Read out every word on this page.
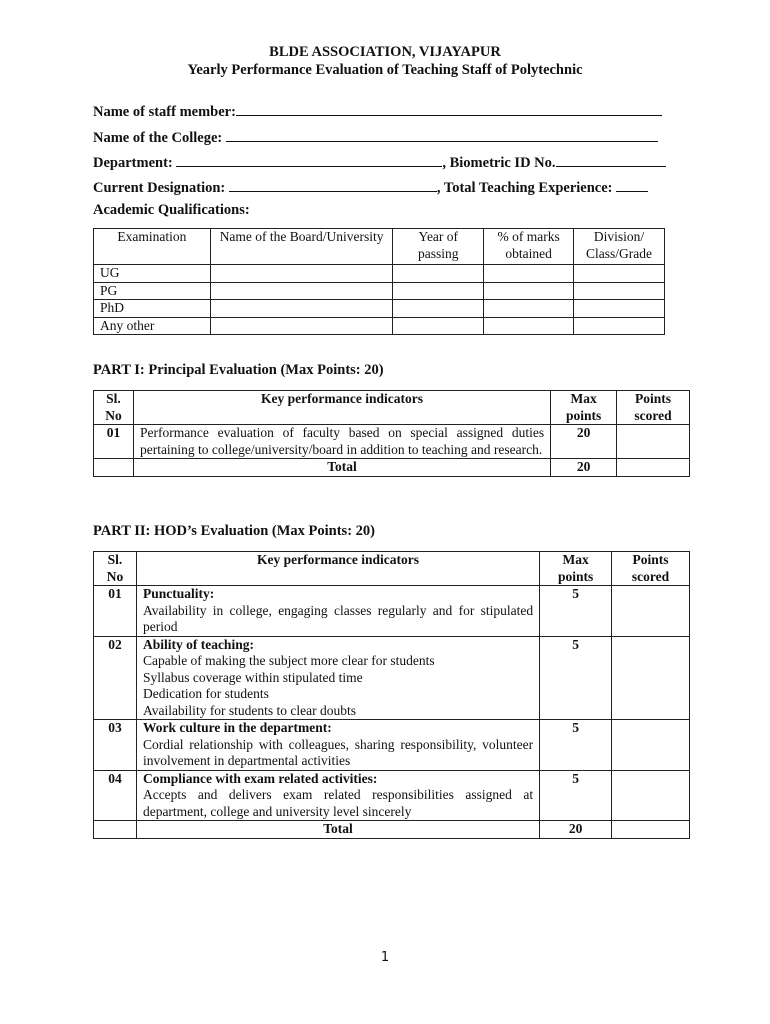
BLDE ASSOCIATION, VIJAYAPUR
Yearly Performance Evaluation of Teaching Staff of Polytechnic
Name of staff member:
Name of the College:
Department:	, Biometric ID No.
Current Designation:	, Total Teaching Experience:
Academic Qualifications:
Examination	Name of the Board/University	Year of passing	% of marks obtained	Division/ Class/Grade
UG				
PG				
PhD				
Any other				
PART I: Principal Evaluation (Max Points: 20)
Sl. No	Key performance indicators	Max points	Points scored
01	Performance evaluation of faculty based on special assigned duties pertaining to college/university/board in addition to teaching and research.	20	
	Total	20	
PART II: HOD’s Evaluation (Max Points: 20)
Sl. No	Key performance indicators	Max points	Points scored
01	Punctuality:
Availability in college, engaging classes regularly and for stipulated period	5	
02	Ability of teaching:
Capable of making the subject more clear for students
Syllabus coverage within stipulated time
Dedication for students
Availability for students to clear doubts	5	
03	Work culture in the department:
Cordial relationship with colleagues, sharing responsibility, volunteer involvement in departmental activities	5	
04	Compliance with exam related activities:
Accepts and delivers exam related responsibilities assigned at department, college and university level sincerely	5	
	Total	20	
1
